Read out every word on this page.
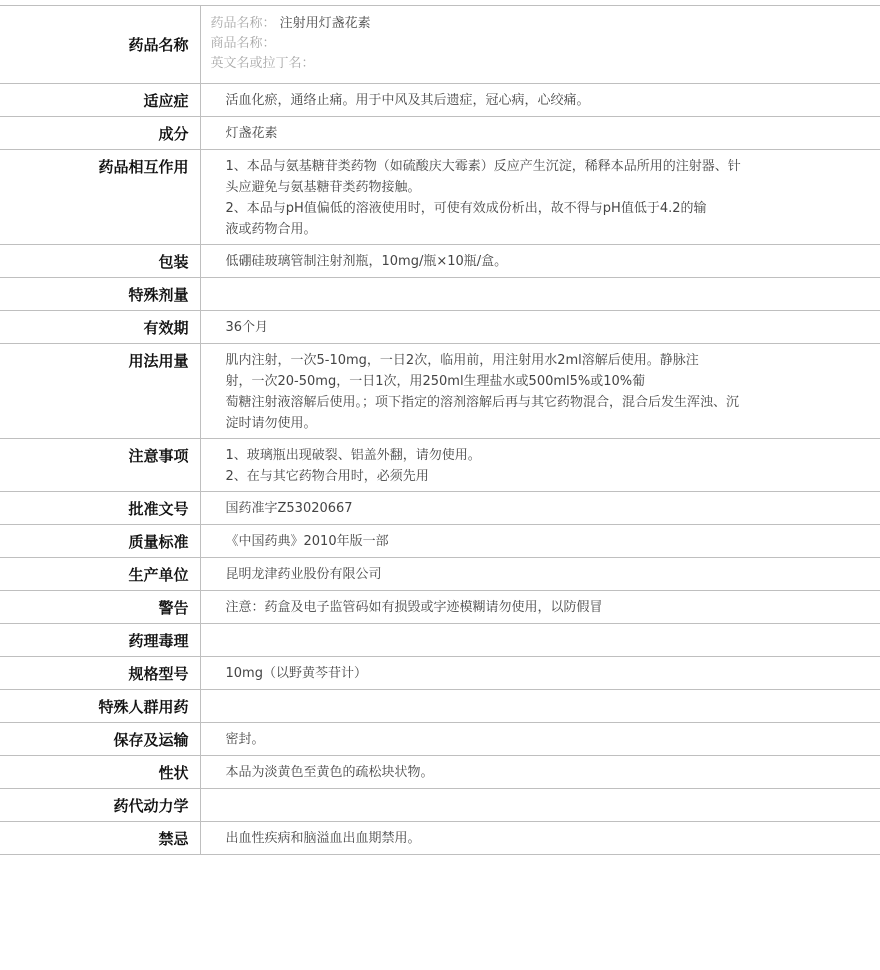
药品名称	药品名称： 注射用灯盏花素
商品名称：
英文名或拉丁名：

适应症	活血化瘀，通络止痛。用于中风及其后遗症，冠心病，心绞痛。

成分	灯盏花素

药品相互作用	1、本品与氨基糖苷类药物（如硫酸庆大霉素）反应产生沉淀，稀释本品所用的注射器、针
头应避免与氨基糖苷类药物接触。
2、本品与pH值偏低的溶液使用时，可使有效成份析出，故不得与pH值低于4.2的输
液或药物合用。

包装	低硼硅玻璃管制注射剂瓶，10mg/瓶×10瓶/盒。

特殊剂量	
有效期	36个月

用法用量	肌内注射，一次5-10mg，一日2次，临用前，用注射用水2ml溶解后使用。静脉注
射，一次20-50mg，一日1次，用250ml生理盐水或500ml5%或10%葡
萄糖注射液溶解后使用。；项下指定的溶剂溶解后再与其它药物混合，混合后发生浑浊、沉
淀时请勿使用。

注意事项	1、玻璃瓶出现破裂、铝盖外翻，请勿使用。
2、在与其它药物合用时，必须先用

批准文号	国药准字Z53020667

质量标准	《中国药典》2010年版一部

生产单位	昆明龙津药业股份有限公司

警告	注意：药盒及电子监管码如有损毁或字迹模糊请勿使用，以防假冒

药理毒理	
规格型号	10mg（以野黄芩苷计）

特殊人群用药	
保存及运输	密封。

性状	本品为淡黄色至黄色的疏松块状物。

药代动力学	
禁忌	出血性疾病和脑溢血出血期禁用。
